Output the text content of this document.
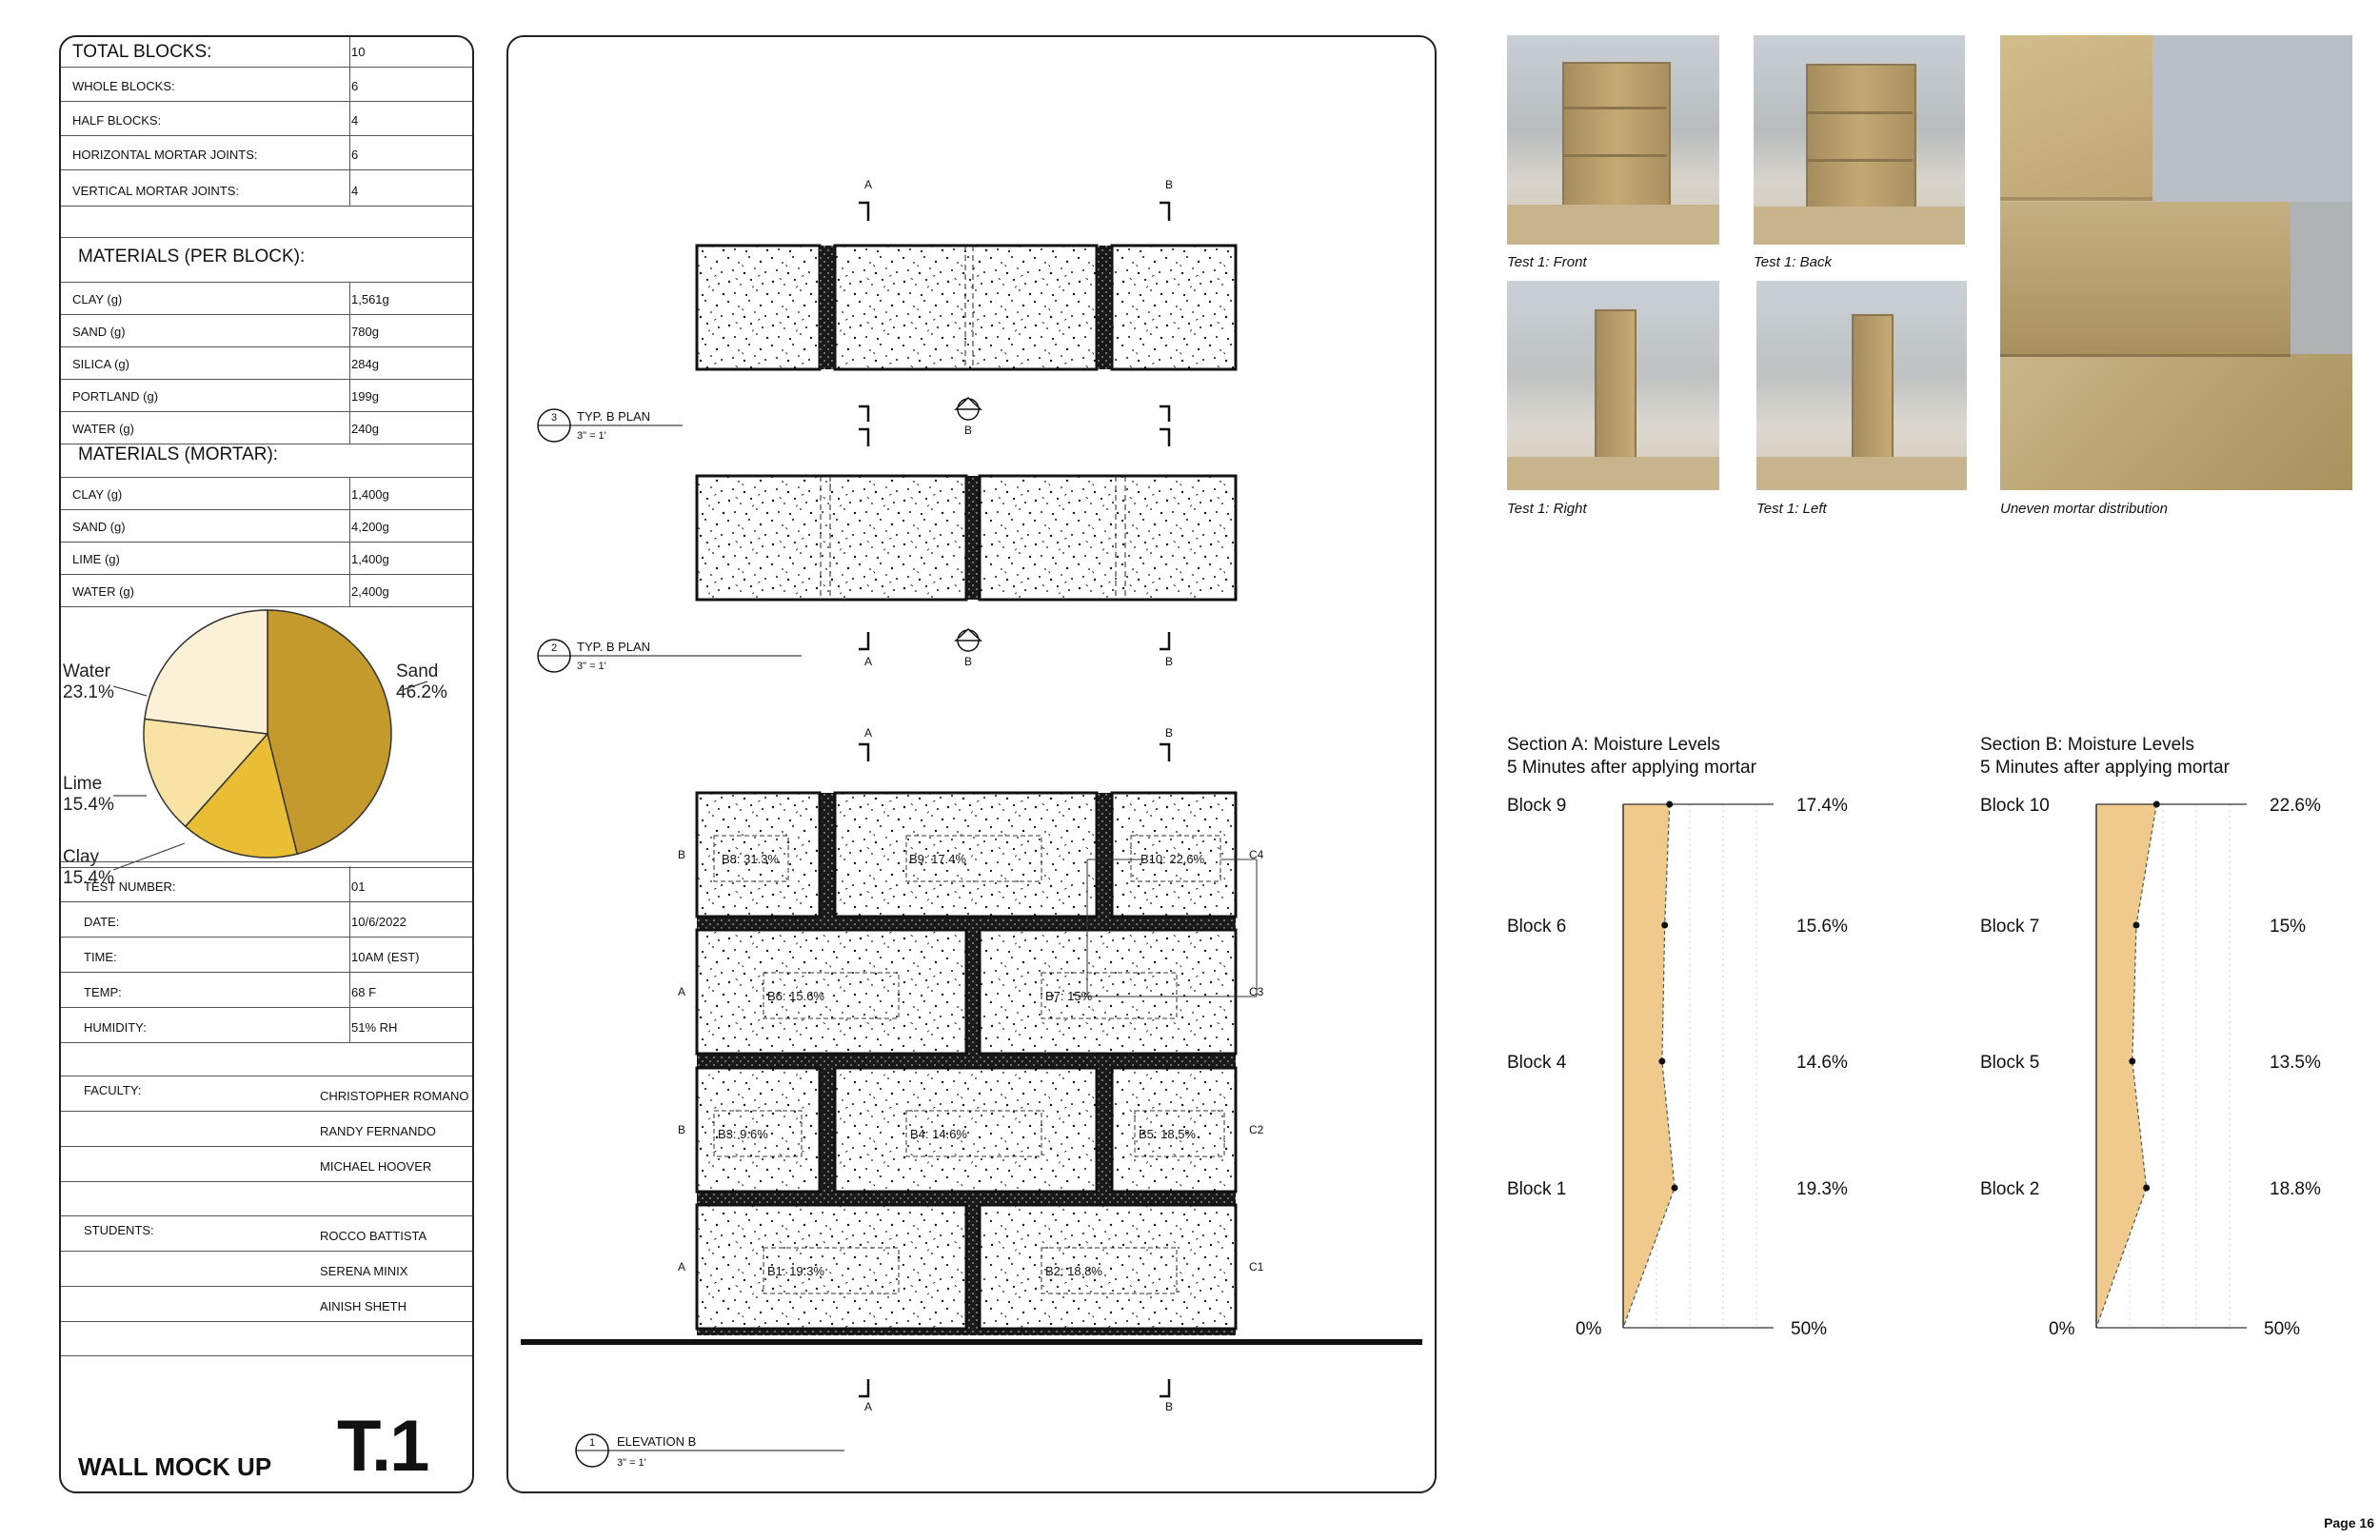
TOTAL BLOCKS:	10
WHOLE BLOCKS:	6
HALF BLOCKS:	4
HORIZONTAL MORTAR JOINTS:	6
VERTICAL MORTAR JOINTS:	4
MATERIALS (PER BLOCK):
CLAY (g)	1,561g
SAND (g)	780g
SILICA (g)	284g
PORTLAND (g)	199g
WATER (g)	240g
MATERIALS (MORTAR):
CLAY (g)	1,400g
SAND (g)	4,200g
LIME (g)	1,400g
WATER (g)	2,400g
Water
23.1%
Sand
46.2%
Lime
15.4%
Clay
15.4%
TEST NUMBER:	01
DATE:	10/6/2022
TIME:	10AM (EST)
TEMP:	68 F
HUMIDITY:	51% RH
FACULTY:	CHRISTOPHER ROMANO
RANDY FERNANDO
MICHAEL HOOVER
STUDENTS:	ROCCO BATTISTA
SERENA MINIX
AINISH SHETH
WALL MOCK UP T.1
A	B
B
A	B	B
A	B
A	B
3 TYP. B PLAN
3" = 1'
2 TYP. B PLAN
3" = 1'
1 ELEVATION B
3" = 1'
B8: 31.3%	B9: 17.4%	B10: 22.6%
B6: 15.6%	B7: 15%
B3: 9.6%	B4: 14.6%	B5: 18.5%
B1: 19.3%	B2: 18.8%
B
A
B
A
C4
C3
C2
C1
Test 1: Front	Test 1: Back
Test 1: Right	Test 1: Left	Uneven mortar distribution
Section A: Moisture Levels
5 Minutes after applying mortar
Block 9	17.4%
Block 6	15.6%
Block 4	14.6%
Block 1	19.3%
0%	50%
Section B: Moisture Levels
5 Minutes after applying mortar
Block 10	22.6%
Block 7	15%
Block 5	13.5%
Block 2	18.8%
0%	50%
Page 16
